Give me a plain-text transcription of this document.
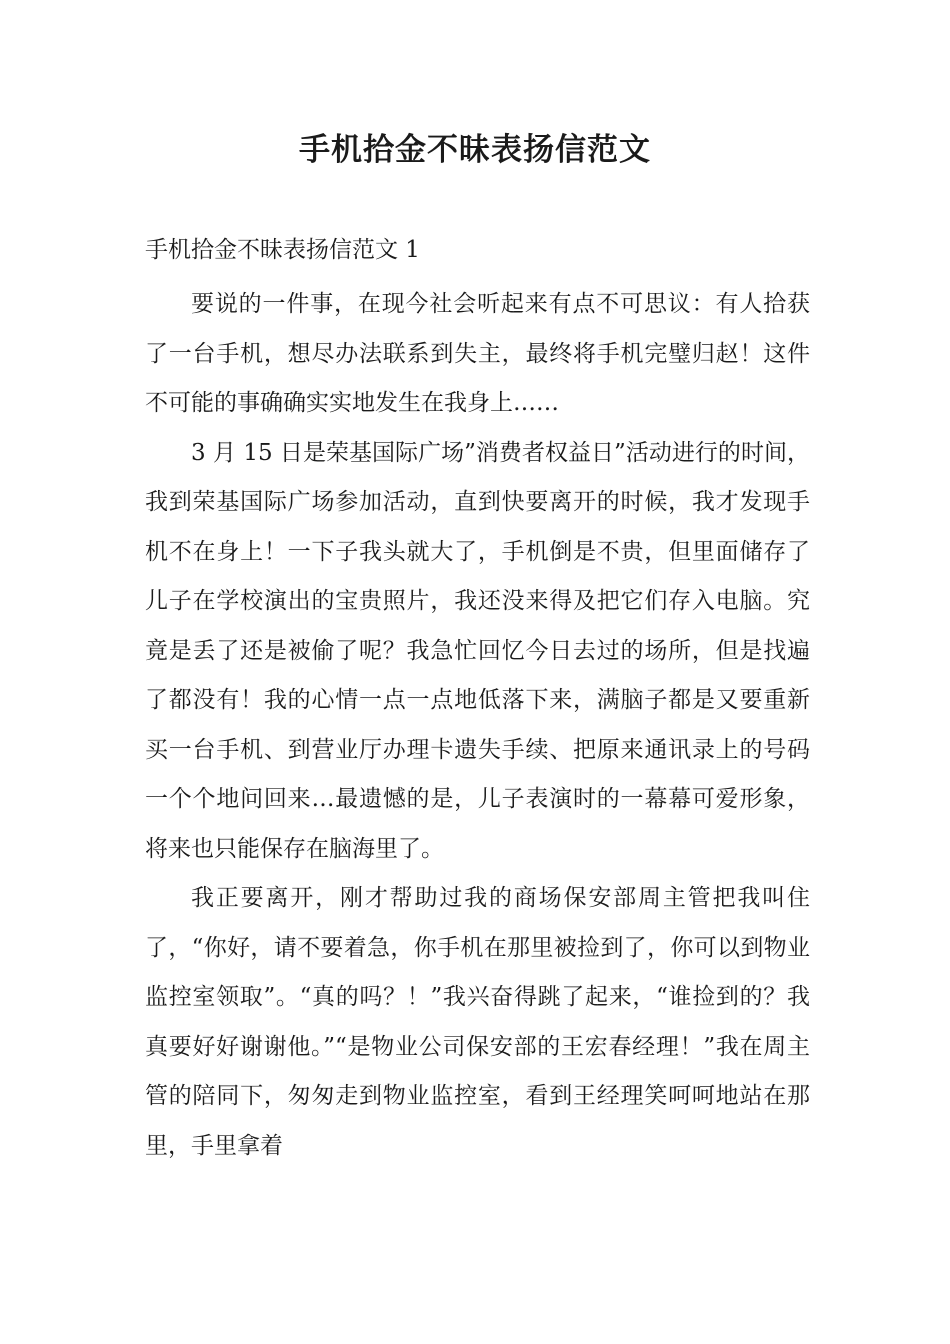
手机拾金不昧表扬信范文
手机拾金不昧表扬信范文 1

要说的一件事，在现今社会听起来有点不可思议：有人拾获了一台手机，想尽办法联系到失主，最终将手机完璧归赵！这件不可能的事确确实实地发生在我身上……

3 月 15 日是荣基国际广场”消费者权益日”活动进行的时间，我到荣基国际广场参加活动，直到快要离开的时候，我才发现手机不在身上！一下子我头就大了，手机倒是不贵，但里面储存了儿子在学校演出的宝贵照片，我还没来得及把它们存入电脑。究竟是丢了还是被偷了呢？我急忙回忆今日去过的场所，但是找遍了都没有！我的心情一点一点地低落下来，满脑子都是又要重新买一台手机、到营业厅办理卡遗失手续、把原来通讯录上的号码一个个地问回来…最遗憾的是，儿子表演时的一幕幕可爱形象，将来也只能保存在脑海里了。

我正要离开，刚才帮助过我的商场保安部周主管把我叫住了，“你好，请不要着急，你手机在那里被捡到了，你可以到物业监控室领取”。“真的吗？！”我兴奋得跳了起来，“谁捡到的？我真要好好谢谢他。”“是物业公司保安部的王宏春经理！”我在周主管的陪同下，匆匆走到物业监控室，看到王经理笑呵呵地站在那里，手里拿着
